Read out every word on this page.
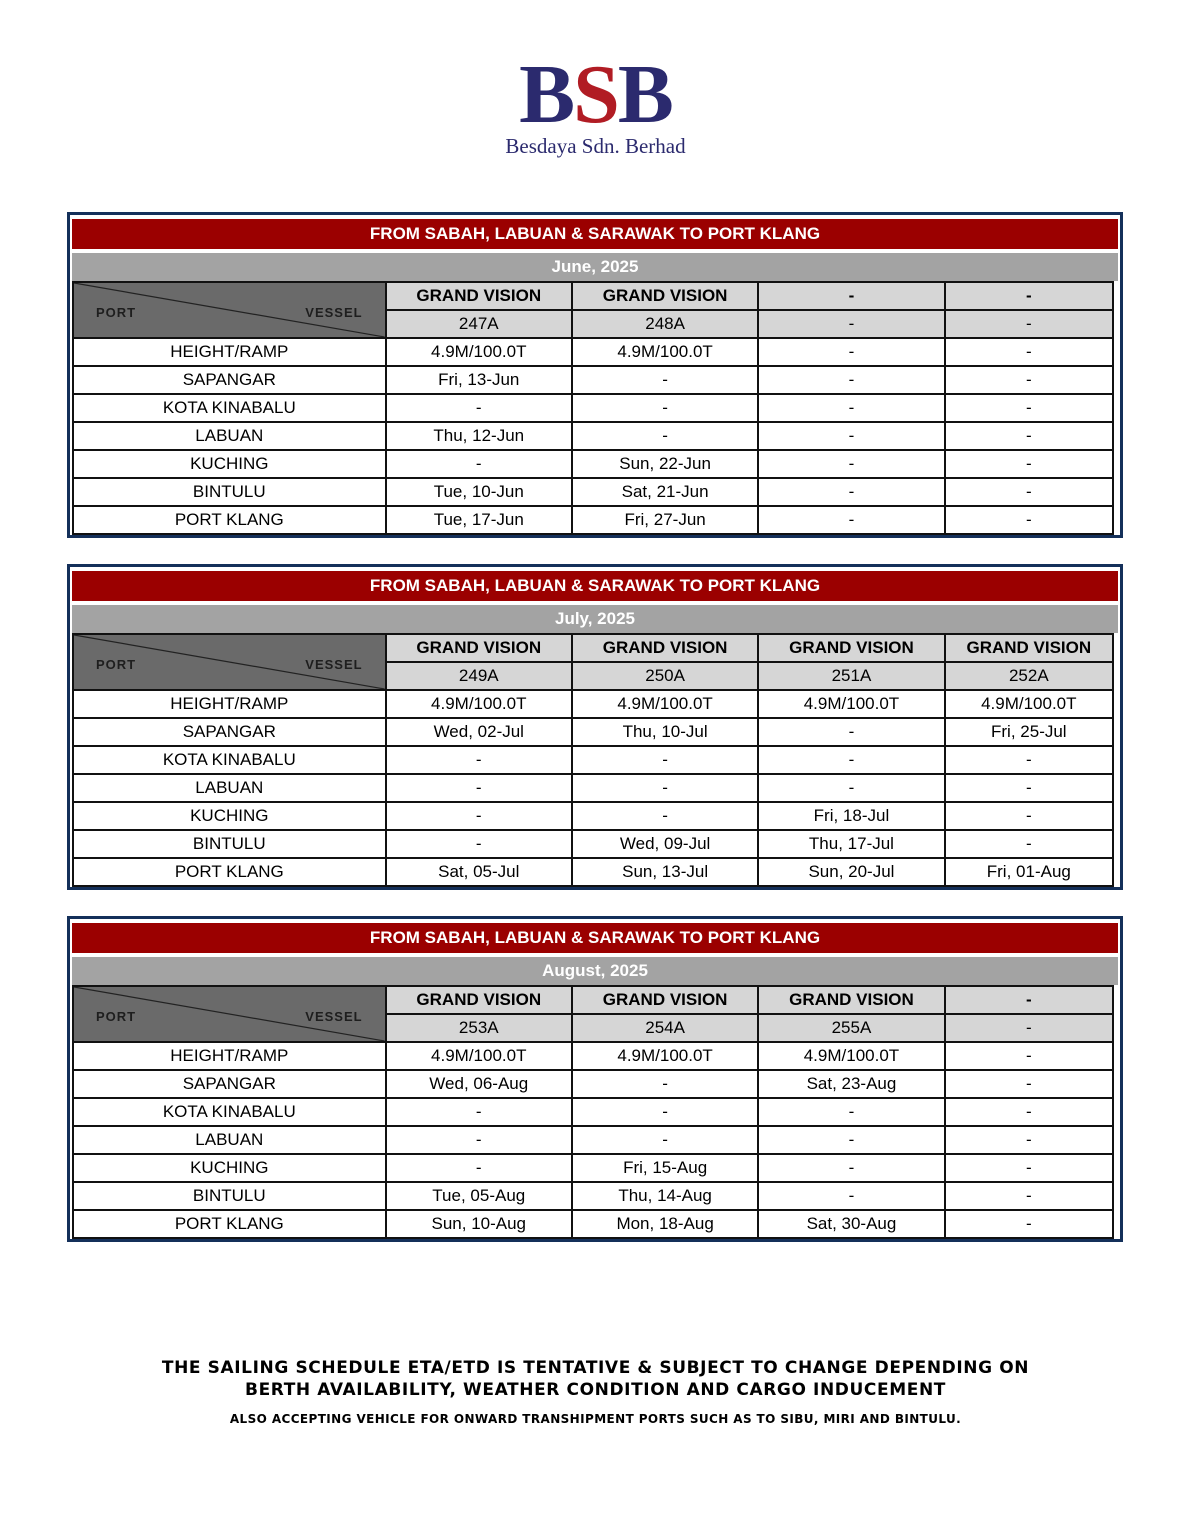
BSB
Besdaya Sdn. Berhad
FROM SABAH, LABUAN & SARAWAK TO PORT KLANG
June, 2025
PORT VESSEL	GRAND VISION	GRAND VISION	-	-
	247A	248A	-	-
HEIGHT/RAMP	4.9M/100.0T	4.9M/100.0T	-	-
SAPANGAR	Fri, 13-Jun	-	-	-
KOTA KINABALU	-	-	-	-
LABUAN	Thu, 12-Jun	-	-	-
KUCHING	-	Sun, 22-Jun	-	-
BINTULU	Tue, 10-Jun	Sat, 21-Jun	-	-
PORT KLANG	Tue, 17-Jun	Fri, 27-Jun	-	-
FROM SABAH, LABUAN & SARAWAK TO PORT KLANG
July, 2025
PORT VESSEL	GRAND VISION	GRAND VISION	GRAND VISION	GRAND VISION
	249A	250A	251A	252A
HEIGHT/RAMP	4.9M/100.0T	4.9M/100.0T	4.9M/100.0T	4.9M/100.0T
SAPANGAR	Wed, 02-Jul	Thu, 10-Jul	-	Fri, 25-Jul
KOTA KINABALU	-	-	-	-
LABUAN	-	-	-	-
KUCHING	-	-	Fri, 18-Jul	-
BINTULU	-	Wed, 09-Jul	Thu, 17-Jul	-
PORT KLANG	Sat, 05-Jul	Sun, 13-Jul	Sun, 20-Jul	Fri, 01-Aug
FROM SABAH, LABUAN & SARAWAK TO PORT KLANG
August, 2025
PORT VESSEL	GRAND VISION	GRAND VISION	GRAND VISION	-
	253A	254A	255A	-
HEIGHT/RAMP	4.9M/100.0T	4.9M/100.0T	4.9M/100.0T	-
SAPANGAR	Wed, 06-Aug	-	Sat, 23-Aug	-
KOTA KINABALU	-	-	-	-
LABUAN	-	-	-	-
KUCHING	-	Fri, 15-Aug	-	-
BINTULU	Tue, 05-Aug	Thu, 14-Aug	-	-
PORT KLANG	Sun, 10-Aug	Mon, 18-Aug	Sat, 30-Aug	-
THE SAILING SCHEDULE ETA/ETD IS TENTATIVE & SUBJECT TO CHANGE DEPENDING ON
BERTH AVAILABILITY, WEATHER CONDITION AND CARGO INDUCEMENT
ALSO ACCEPTING VEHICLE FOR ONWARD TRANSHIPMENT PORTS SUCH AS TO SIBU, MIRI AND BINTULU.
